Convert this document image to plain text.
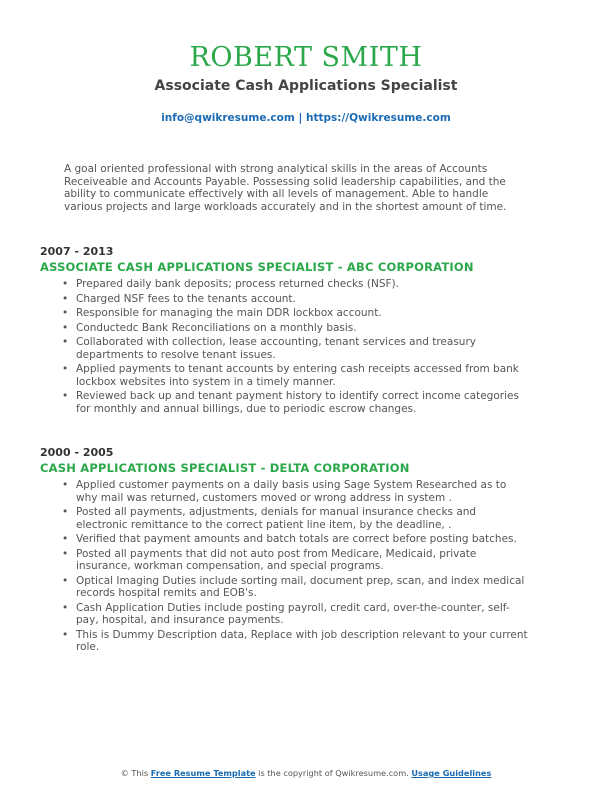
ROBERT SMITH
Associate Cash Applications Specialist
info@qwikresume.com | https://Qwikresume.com
A goal oriented professional with strong analytical skills in the areas of Accounts Receiveable and Accounts Payable. Possessing solid leadership capabilities, and the ability to communicate effectively with all levels of management. Able to handle various projects and large workloads accurately and in the shortest amount of time.
2007 - 2013
ASSOCIATE CASH APPLICATIONS SPECIALIST - ABC CORPORATION
• Prepared daily bank deposits; process returned checks (NSF).
• Charged NSF fees to the tenants account.
• Responsible for managing the main DDR lockbox account.
• Conductedc Bank Reconciliations on a monthly basis.
• Collaborated with collection, lease accounting, tenant services and treasury departments to resolve tenant issues.
• Applied payments to tenant accounts by entering cash receipts accessed from bank lockbox websites into system in a timely manner.
• Reviewed back up and tenant payment history to identify correct income categories for monthly and annual billings, due to periodic escrow changes.
2000 - 2005
CASH APPLICATIONS SPECIALIST - DELTA CORPORATION
• Applied customer payments on a daily basis using Sage System Researched as to why mail was returned, customers moved or wrong address in system .
• Posted all payments, adjustments, denials for manual insurance checks and electronic remittance to the correct patient line item, by the deadline, .
• Verified that payment amounts and batch totals are correct before posting batches.
• Posted all payments that did not auto post from Medicare, Medicaid, private insurance, workman compensation, and special programs.
• Optical Imaging Duties include sorting mail, document prep, scan, and index medical records hospital remits and EOB's.
• Cash Application Duties include posting payroll, credit card, over-the-counter, self-pay, hospital, and insurance payments.
• This is Dummy Description data, Replace with job description relevant to your current role.
© This Free Resume Template is the copyright of Qwikresume.com. Usage Guidelines
